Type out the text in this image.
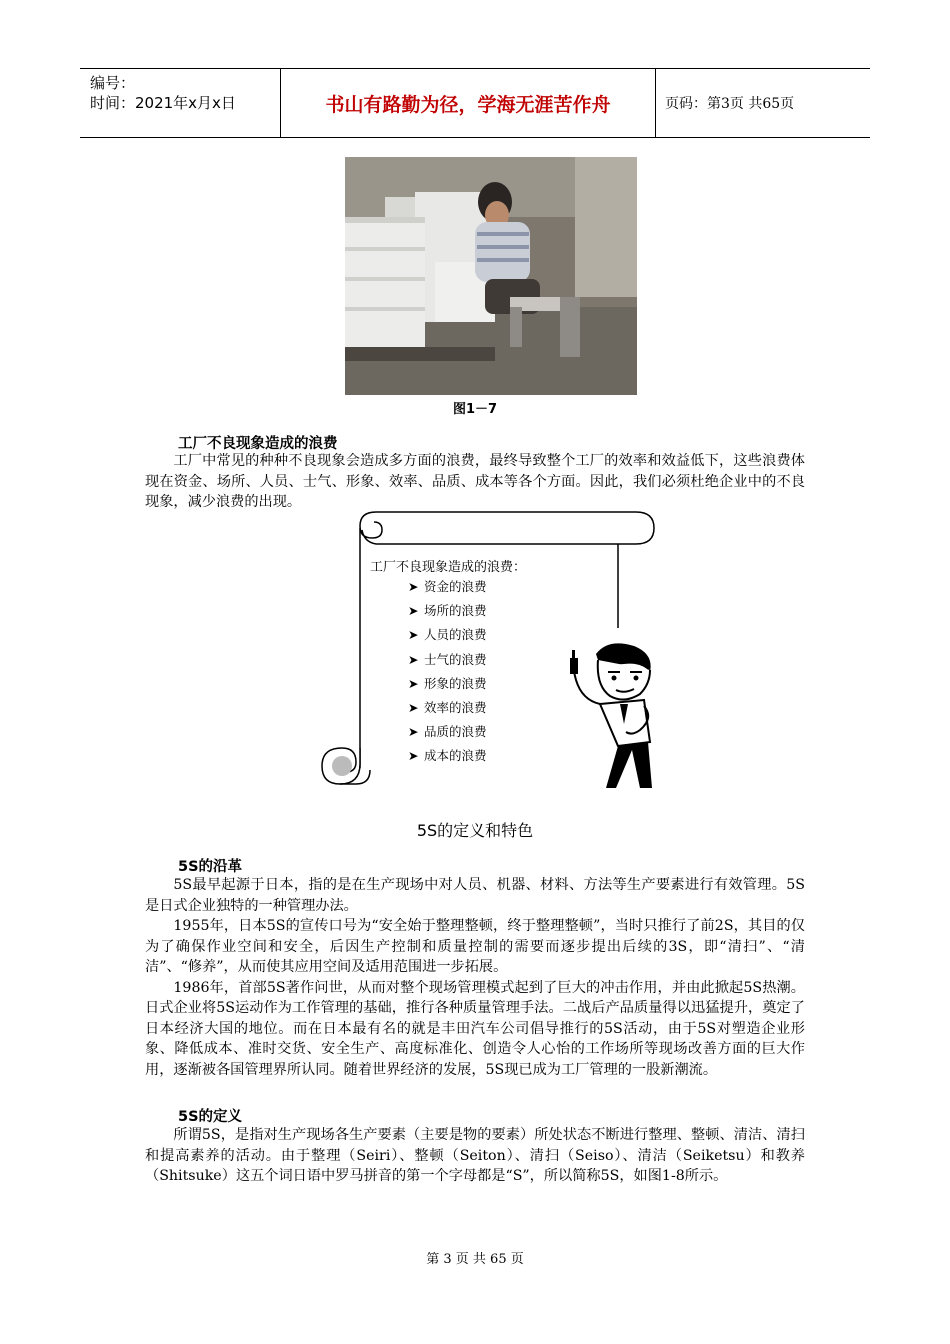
编号：
时间：2021年x月x日	书山有路勤为径，学海无涯苦作舟	页码：第3页 共65页
图1－7
工厂不良现象造成的浪费

工厂中常见的种种不良现象会造成多方面的浪费，最终导致整个工厂的效率和效益低下，这些浪费体现在资金、场所、人员、士气、形象、效率、品质、成本等各个方面。因此，我们必须杜绝企业中的不良现象，减少浪费的出现。

工厂不良现象造成的浪费：
➤ 资金的浪费
➤ 场所的浪费
➤ 人员的浪费
➤ 士气的浪费
➤ 形象的浪费
➤ 效率的浪费
➤ 品质的浪费
➤ 成本的浪费
5S的定义和特色
5S的沿革

5S最早起源于日本，指的是在生产现场中对人员、机器、材料、方法等生产要素进行有效管理。5S是日式企业独特的一种管理办法。

1955年，日本5S的宣传口号为“安全始于整理整顿，终于整理整顿”，当时只推行了前2S，其目的仅为了确保作业空间和安全，后因生产控制和质量控制的需要而逐步提出后续的3S，即“清扫”、“清洁”、“修养”，从而使其应用空间及适用范围进一步拓展。

1986年，首部5S著作问世，从而对整个现场管理模式起到了巨大的冲击作用，并由此掀起5S热潮。日式企业将5S运动作为工作管理的基础，推行各种质量管理手法。二战后产品质量得以迅猛提升，奠定了日本经济大国的地位。而在日本最有名的就是丰田汽车公司倡导推行的5S活动，由于5S对塑造企业形象、降低成本、准时交货、安全生产、高度标准化、创造令人心怡的工作场所等现场改善方面的巨大作用，逐渐被各国管理界所认同。随着世界经济的发展，5S现已成为工厂管理的一股新潮流。

5S的定义

所谓5S，是指对生产现场各生产要素（主要是物的要素）所处状态不断进行整理、整顿、清洁、清扫和提高素养的活动。由于整理（Seiri）、整顿（Seiton）、清扫（Seiso）、清洁（Seiketsu）和教养（Shitsuke）这五个词日语中罗马拼音的第一个字母都是“S”，所以简称5S，如图1-8所示。

第 3 页 共 65 页
